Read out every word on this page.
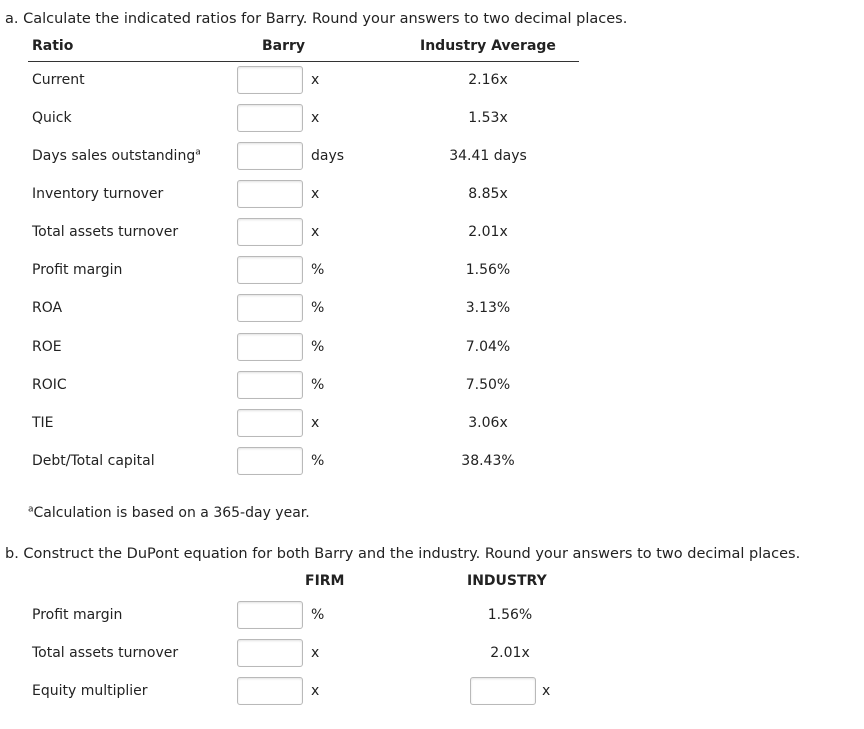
a. Calculate the indicated ratios for Barry. Round your answers to two decimal places.
Ratio	Barry	Industry Average
Current	x	2.16x
Quick	x	1.53x
Days sales outstanding$^a$	days	34.41 days
Inventory turnover	x	8.85x
Total assets turnover	x	2.01x
Profit margin	%	1.56%
ROA	%	3.13%
ROE	%	7.04%
ROIC	%	7.50%
TIE	x	3.06x
Debt/Total capital	%	38.43%
$^a$Calculation is based on a 365-day year.
b. Construct the DuPont equation for both Barry and the industry. Round your answers to two decimal places.
FIRM	INDUSTRY
Profit margin	%	1.56%
Total assets turnover	x	2.01x
Equity multiplier	x	x
